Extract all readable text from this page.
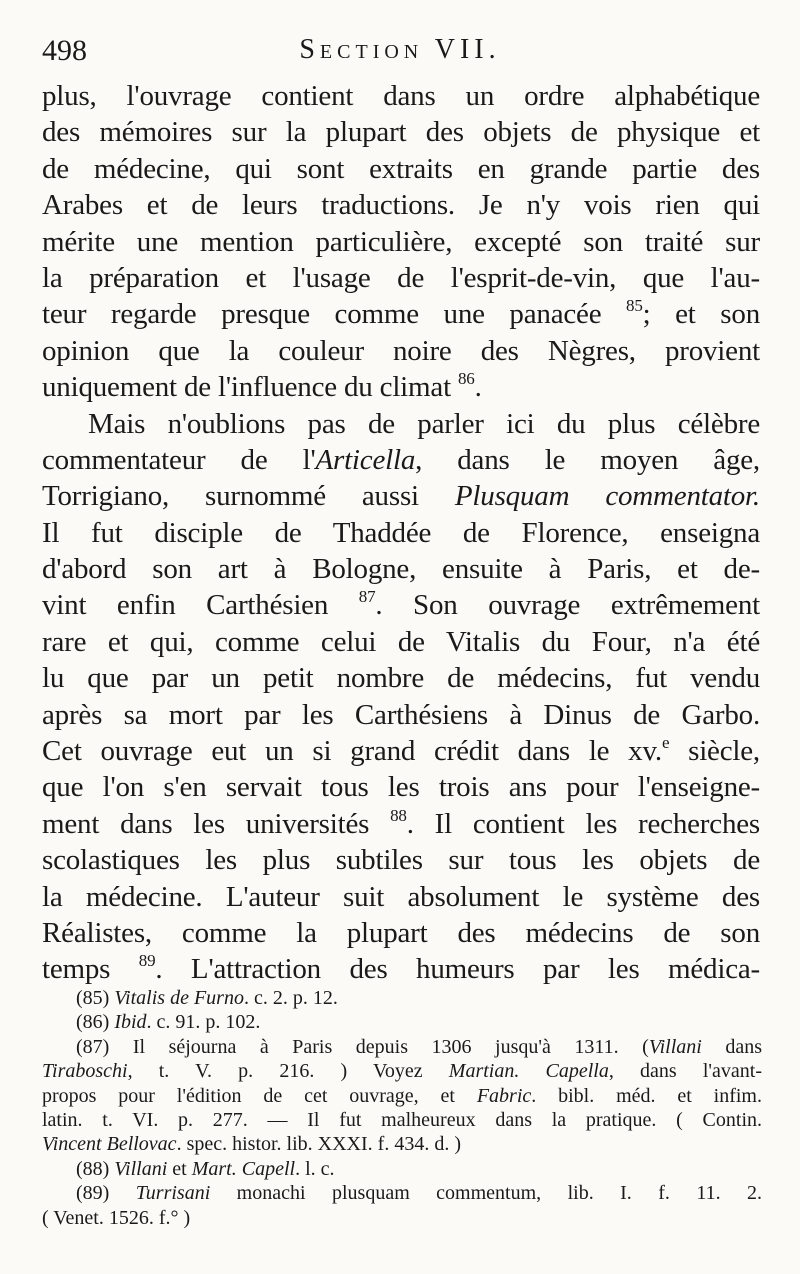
498	Section VII.
plus, l'ouvrage contient dans un ordre alphabétique
des mémoires sur la plupart des objets de physique et
de médecine, qui sont extraits en grande partie des
Arabes et de leurs traductions. Je n'y vois rien qui
mérite une mention particulière, excepté son traité sur
la préparation et l'usage de l'esprit-de-vin, que l'au-
teur regarde presque comme une panacée $^{85}$; et son
opinion que la couleur noire des Nègres, provient
uniquement de l'influence du climat $^{86}$.
Mais n'oublions pas de parler ici du plus célèbre
commentateur de l'Articella, dans le moyen âge,
Torrigiano, surnommé aussi Plusquam commentator.
Il fut disciple de Thaddée de Florence, enseigna
d'abord son art à Bologne, ensuite à Paris, et de-
vint enfin Carthésien $^{87}$. Son ouvrage extrêmement
rare et qui, comme celui de Vitalis du Four, n'a été
lu que par un petit nombre de médecins, fut vendu
après sa mort par les Carthésiens à Dinus de Garbo.
Cet ouvrage eut un si grand crédit dans le xv.$^e$ siècle,
que l'on s'en servait tous les trois ans pour l'enseigne-
ment dans les universités $^{88}$. Il contient les recherches
scolastiques les plus subtiles sur tous les objets de
la médecine. L'auteur suit absolument le système des
Réalistes, comme la plupart des médecins de son
temps $^{89}$. L'attraction des humeurs par les médica-
(85) Vitalis de Furno. c. 2. p. 12.
(86) Ibid. c. 91. p. 102.
(87) Il séjourna à Paris depuis 1306 jusqu'à 1311. (Villani dans
Tiraboschi, t. V. p. 216. ) Voyez Martian. Capella, dans l'avant-
propos pour l'édition de cet ouvrage, et Fabric. bibl. méd. et infim.
latin. t. VI. p. 277. — Il fut malheureux dans la pratique. ( Contin.
Vincent Bellovac. spec. histor. lib. XXXI. f. 434. d. )
(88) Villani et Mart. Capell. l. c.
(89) Turrisani monachi plusquam commentum, lib. I. f. 11. 2.
( Venet. 1526. f.° )
